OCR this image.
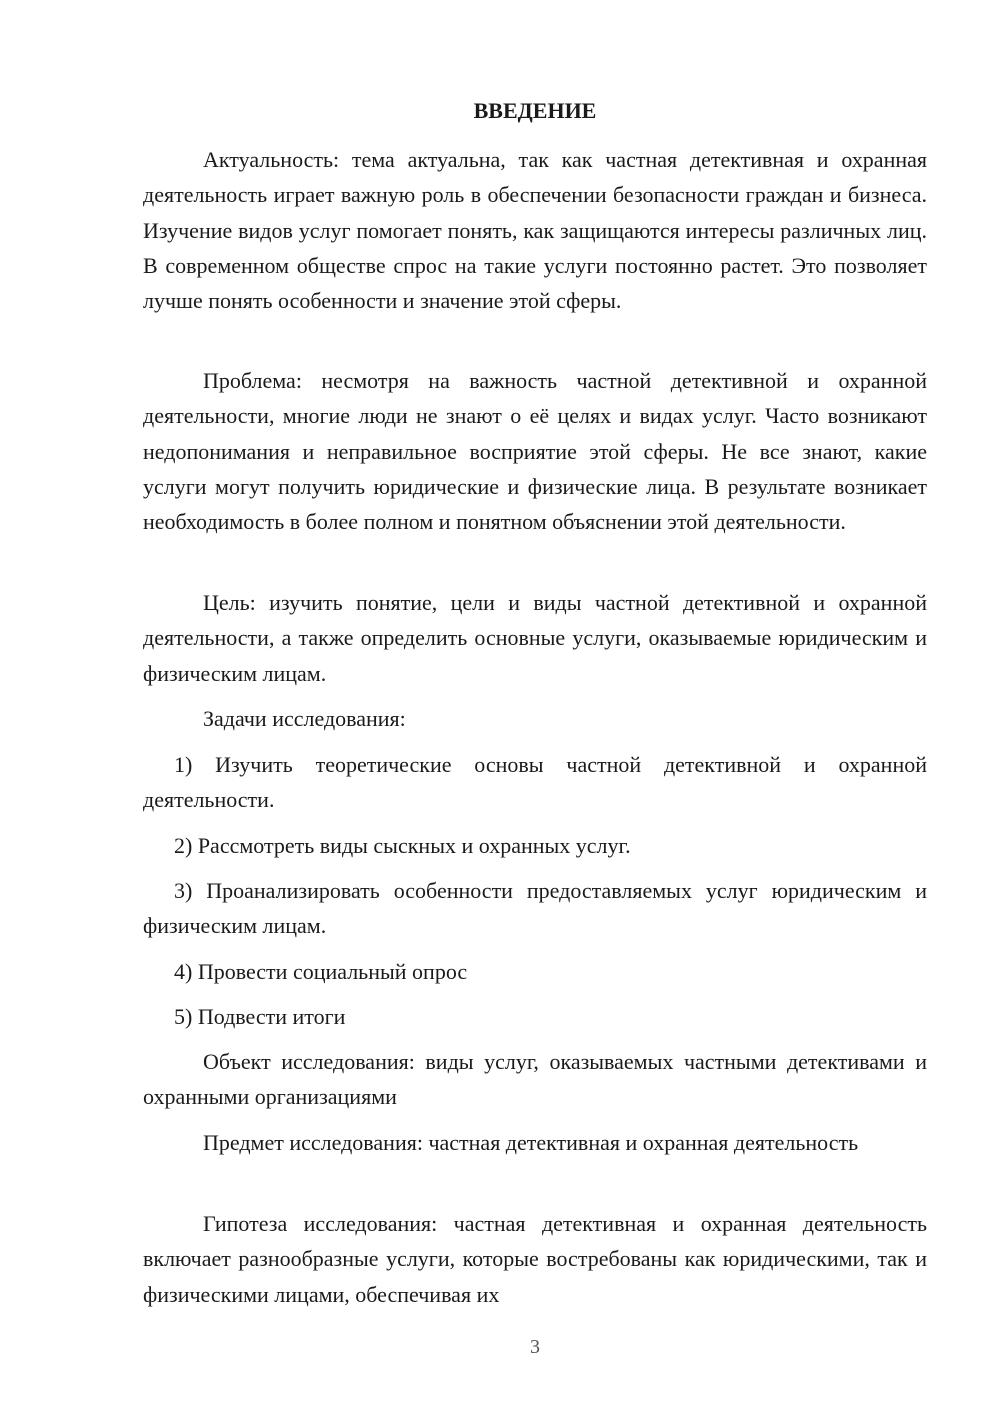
ВВЕДЕНИЕ

Актуальность: тема актуальна, так как частная детективная и охранная деятельность играет важную роль в обеспечении безопасности граждан и бизнеса. Изучение видов услуг помогает понять, как защищаются интересы различных лиц. В современном обществе спрос на такие услуги постоянно растет. Это позволяет лучше понять особенности и значение этой сферы.

Проблема: несмотря на важность частной детективной и охранной деятельности, многие люди не знают о её целях и видах услуг. Часто возникают недопонимания и неправильное восприятие этой сферы. Не все знают, какие услуги могут получить юридические и физические лица. В результате возникает необходимость в более полном и понятном объяснении этой деятельности.

Цель: изучить понятие, цели и виды частной детективной и охранной деятельности, а также определить основные услуги, оказываемые юридическим и физическим лицам.

Задачи исследования:

1) Изучить теоретические основы частной детективной и охранной деятельности.

2) Рассмотреть виды сыскных и охранных услуг.

3) Проанализировать особенности предоставляемых услуг юридическим и физическим лицам.

4) Провести социальный опрос

5) Подвести итоги

Объект исследования: виды услуг, оказываемых частными детективами и охранными организациями

Предмет исследования: частная детективная и охранная деятельность

Гипотеза исследования: частная детективная и охранная деятельность включает разнообразные услуги, которые востребованы как юридическими, так и физическими лицами, обеспечивая их

3
